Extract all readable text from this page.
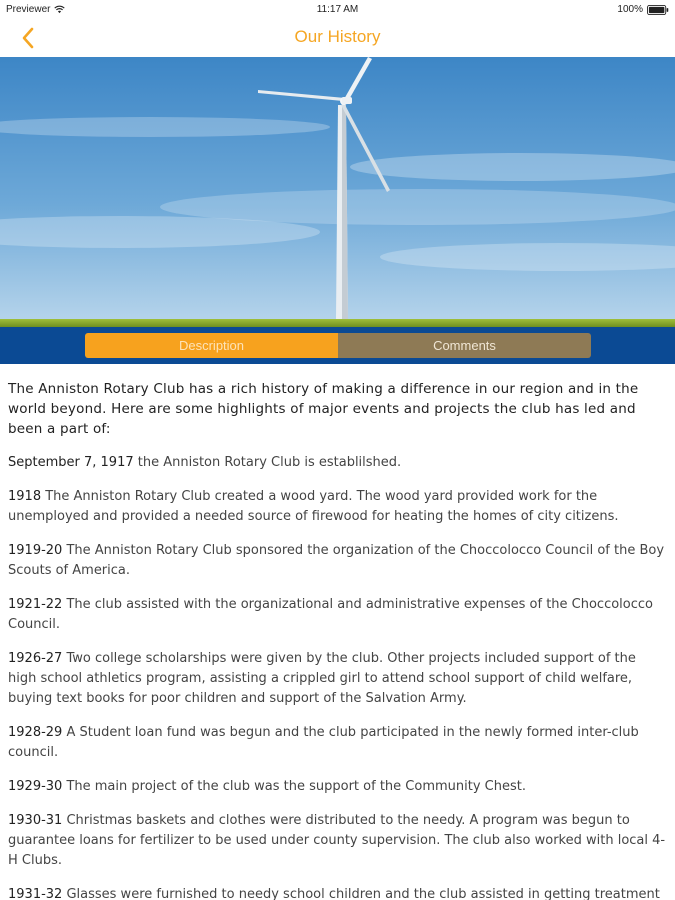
Previewer	11:17 AM	100%
Our History
Description	Comments

The Anniston Rotary Club has a rich history of making a difference in our region and in the world beyond. Here are some highlights of major events and projects the club has led and been a part of:

September 7, 1917 the Anniston Rotary Club is establilshed.

1918 The Anniston Rotary Club created a wood yard. The wood yard provided work for the unemployed and provided a needed source of firewood for heating the homes of city citizens.

1919-20 The Anniston Rotary Club sponsored the organization of the Choccolocco Council of the Boy Scouts of America.

1921-22 The club assisted with the organizational and administrative expenses of the Choccolocco Council.

1926-27 Two college scholarships were given by the club. Other projects included support of the high school athletics program, assisting a crippled girl to attend school support of child welfare, buying text books for poor children and support of the Salvation Army.

1928-29 A Student loan fund was begun and the club participated in the newly formed inter-club council.

1929-30 The main project of the club was the support of the Community Chest.

1930-31 Christmas baskets and clothes were distributed to the needy. A program was begun to guarantee loans for fertilizer to be used under county supervision. The club also worked with local 4-H Clubs.

1931-32 Glasses were furnished to needy school children and the club assisted in getting treatment
